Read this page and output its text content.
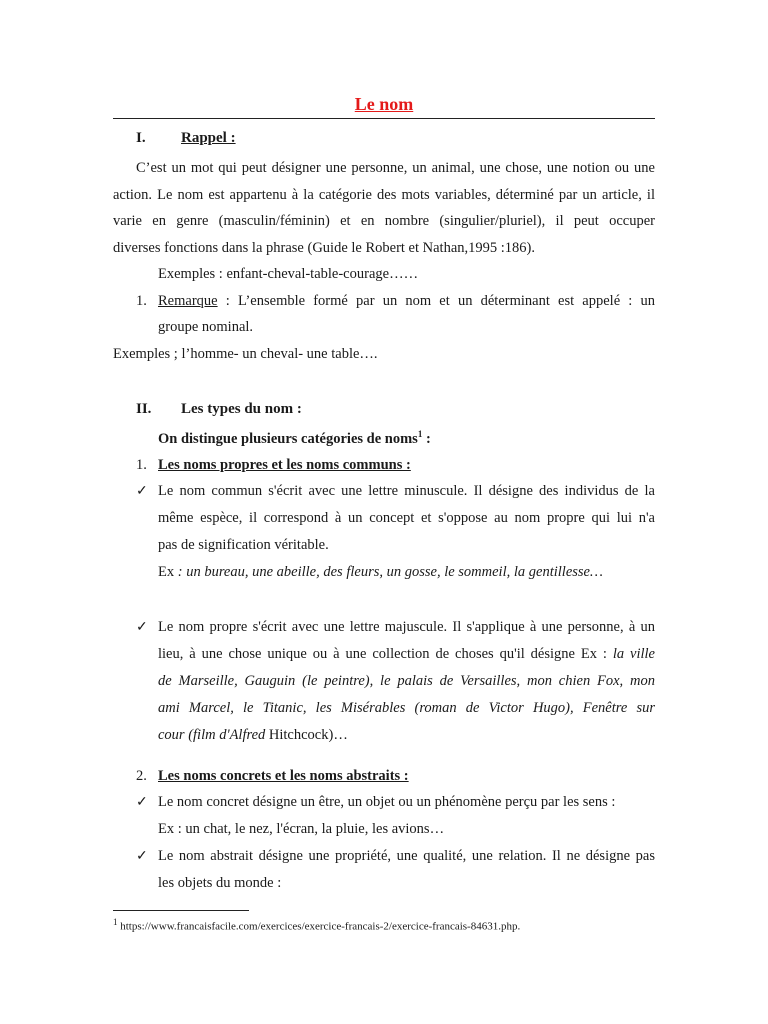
Le nom
I. Rappel :
C’est un mot qui peut désigner une personne, un animal, une chose, une notion ou une
action. Le nom est appartenu à la catégorie des mots variables, déterminé par un article, il
varie en genre (masculin/féminin) et en nombre (singulier/pluriel), il peut occuper
diverses fonctions dans la phrase (Guide le Robert et Nathan,1995 :186).
Exemples : enfant-cheval-table-courage……
1. Remarque : L’ensemble formé par un nom et un déterminant est appelé : un
groupe nominal.
Exemples ; l’homme- un cheval- une table….
II. Les types du nom :
On distingue plusieurs catégories de noms$^1$ :
1. Les noms propres et les noms communs :
✓ Le nom commun s'écrit avec une lettre minuscule. Il désigne des individus de la
même espèce, il correspond à un concept et s'oppose au nom propre qui lui n'a
pas de signification véritable.
Ex : un bureau, une abeille, des fleurs, un gosse, le sommeil, la gentillesse…
✓ Le nom propre s'écrit avec une lettre majuscule. Il s'applique à une personne, à un
lieu, à une chose unique ou à une collection de choses qu'il désigne Ex : la ville
de Marseille, Gauguin (le peintre), le palais de Versailles, mon chien Fox, mon
ami Marcel, le Titanic, les Misérables (roman de Victor Hugo), Fenêtre sur
cour (film d'Alfred Hitchcock)…
2. Les noms concrets et les noms abstraits :
✓ Le nom concret désigne un être, un objet ou un phénomène perçu par les sens :
Ex : un chat, le nez, l'écran, la pluie, les avions…
✓ Le nom abstrait désigne une propriété, une qualité, une relation. Il ne désigne pas
les objets du monde :
$^1$ https://www.francaisfacile.com/exercices/exercice-francais-2/exercice-francais-84631.php.
